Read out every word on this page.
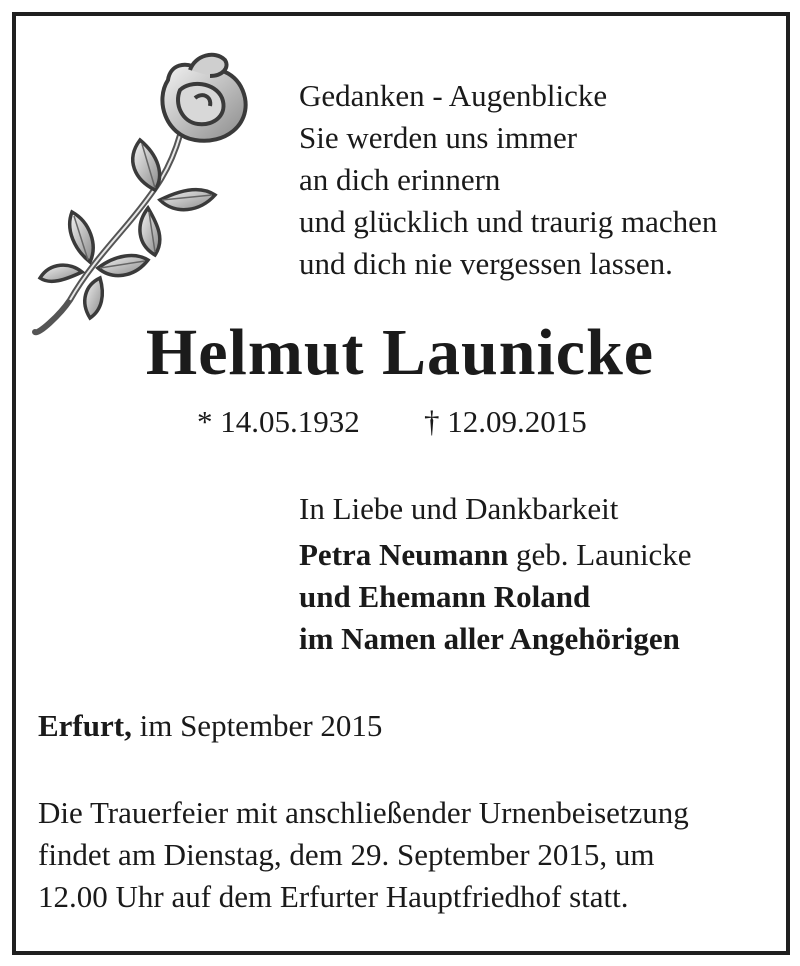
Gedanken - Augenblicke
Sie werden uns immer
an dich erinnern
und glücklich und traurig machen
und dich nie vergessen lassen.
Helmut Launicke
* 14.05.1932 † 12.09.2015
In Liebe und Dankbarkeit
Petra Neumann geb. Launicke
und Ehemann Roland
im Namen aller Angehörigen
Erfurt, im September 2015
Die Trauerfeier mit anschließender Urnenbeisetzung
findet am Dienstag, dem 29. September 2015, um
12.00 Uhr auf dem Erfurter Hauptfriedhof statt.
